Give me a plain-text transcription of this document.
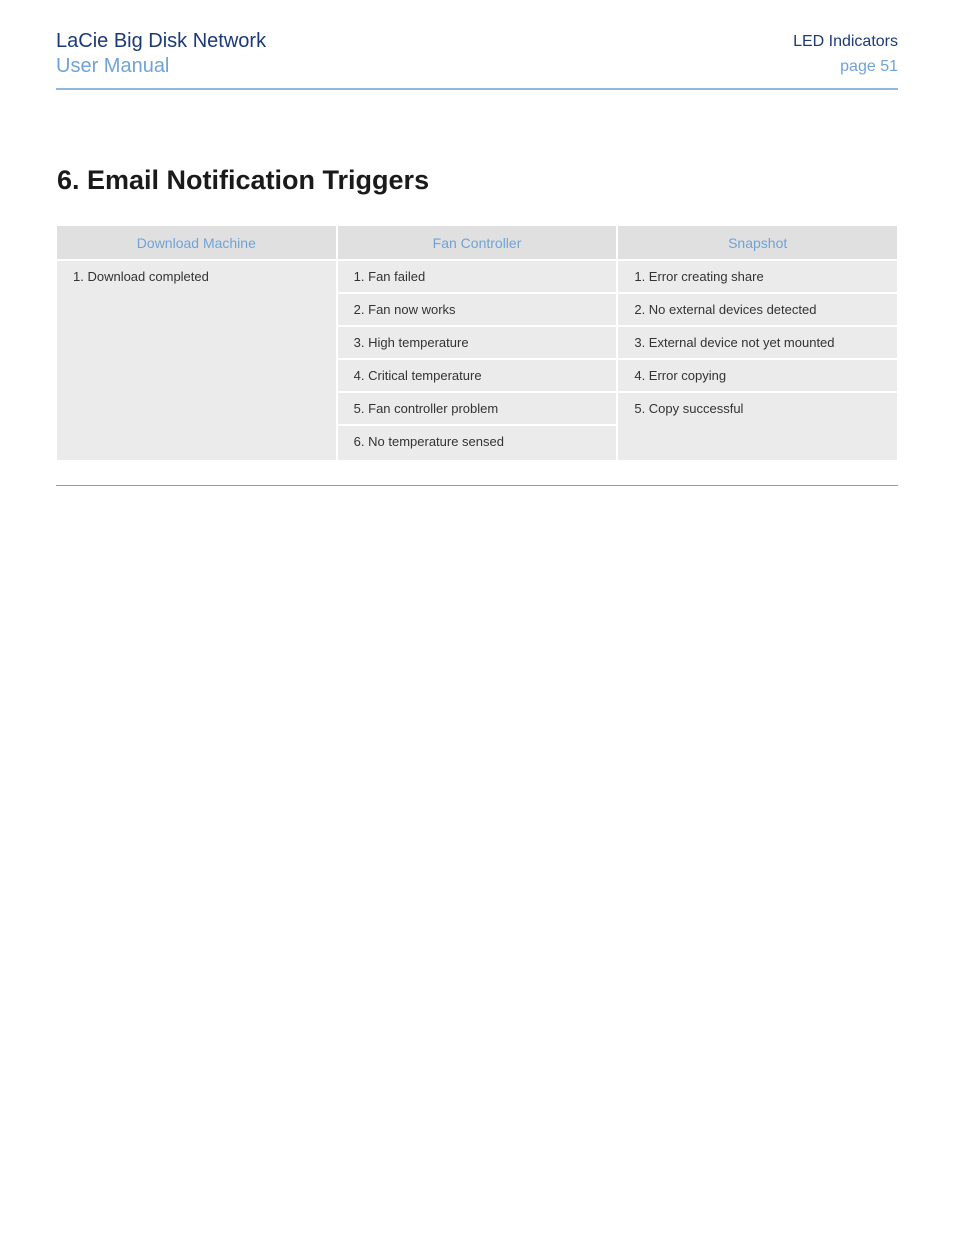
LaCie Big Disk Network
User Manual
LED Indicators
page 51
6. Email Notification Triggers
Download Machine
1. Download completed
Fan Controller
1. Fan failed
2. Fan now works
3. High temperature
4. Critical temperature
5. Fan controller problem
6. No temperature sensed
Snapshot
1. Error creating share
2. No external devices detected
3. External device not yet mounted
4. Error copying
5. Copy successful
